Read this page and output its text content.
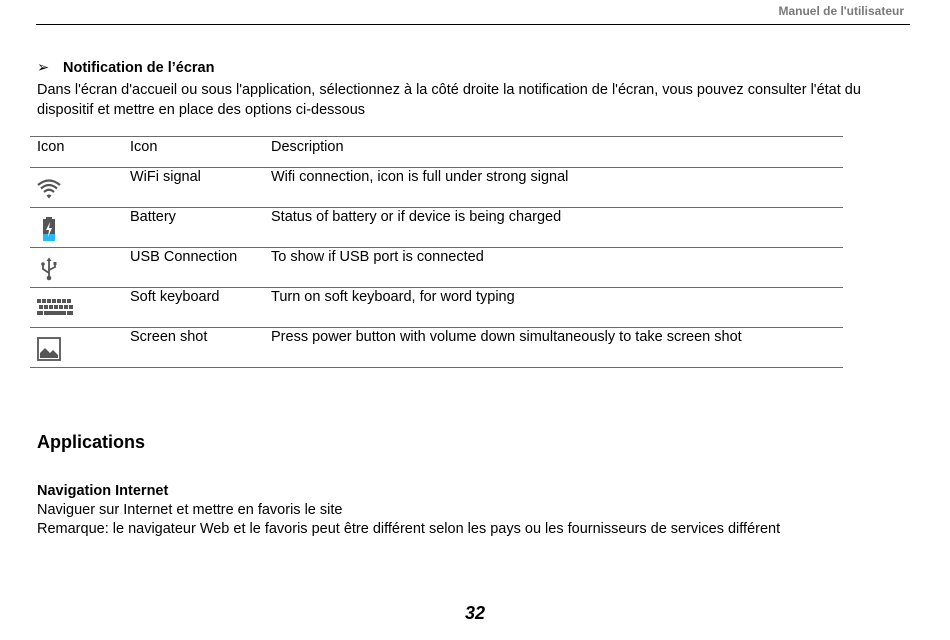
Manuel de l'utilisateur
➢ Notification de l’écran
Dans l'écran d'accueil ou sous l'application, sélectionnez à la côté droite la notification de l'écran, vous pouvez consulter l'état du dispositif et mettre en place des options ci-dessous
Icon	Icon	Description

	WiFi signal	Wifi connection, icon is full under strong signal

	Battery	Status of battery or if device is being charged

	USB Connection	To show if USB port is connected

	Soft keyboard	Turn on soft keyboard, for word typing

	Screen shot	Press power button with volume down simultaneously to take screen shot
Applications
Navigation Internet
Naviguer sur Internet et mettre en favoris le site
Remarque: le navigateur Web et le favoris peut être différent selon les pays ou les fournisseurs de services différent
32
